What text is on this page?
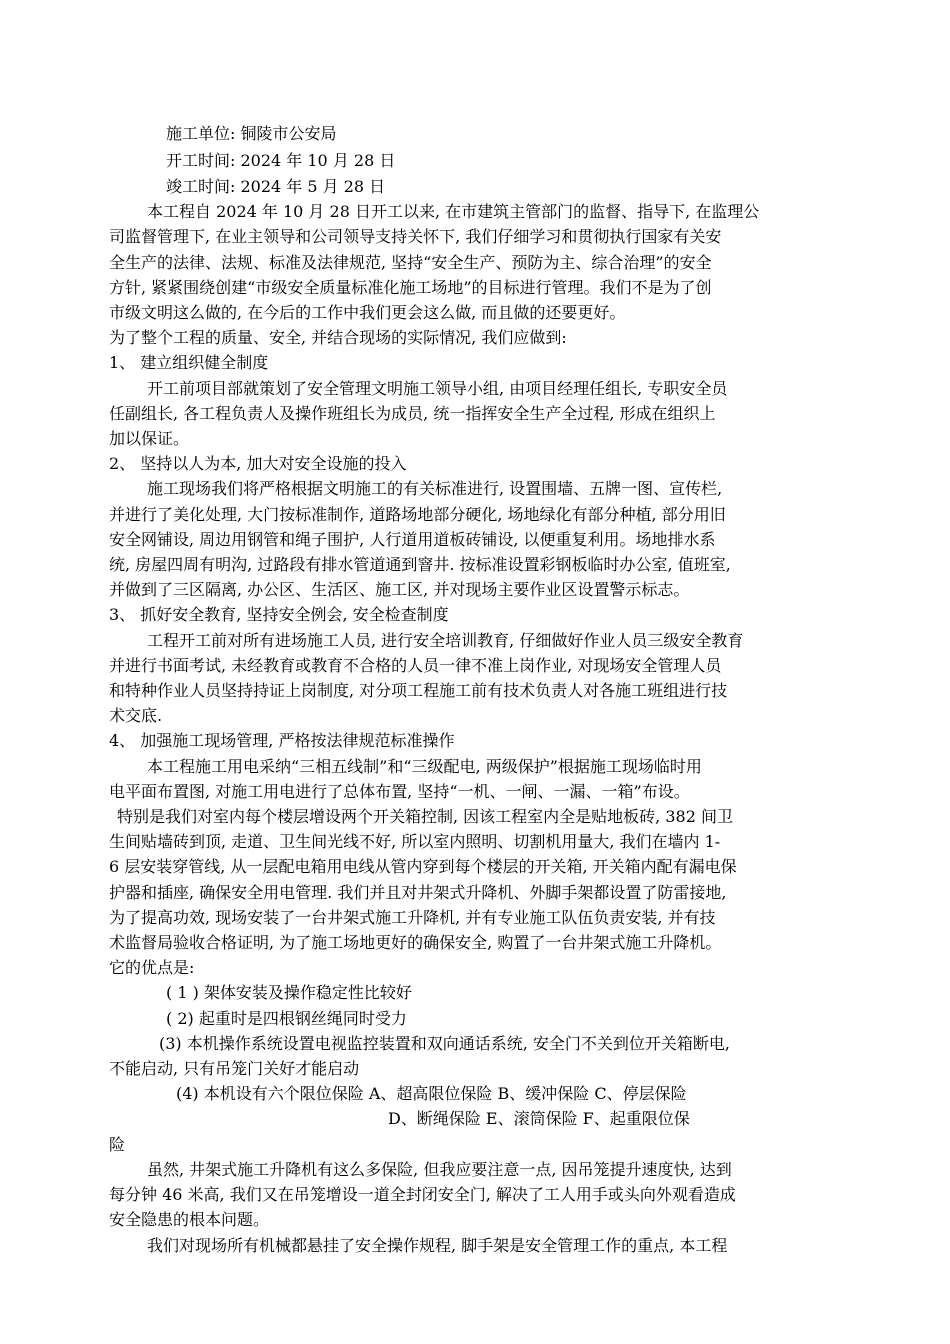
施工单位: 铜陵市公安局
开工时间: 2024 年 10 月 28 日
竣工时间: 2024 年 5 月 28 日
本工程自 2024 年 10 月 28 日开工以来, 在市建筑主管部门的监督、指导下, 在监理公
司监督管理下, 在业主领导和公司领导支持关怀下, 我们仔细学习和贯彻执行国家有关安
全生产的法律、法规、标准及法律规范, 坚持“安全生产、预防为主、综合治理”的安全
方针, 紧紧围绕创建“市级安全质量标准化施工场地”的目标进行管理。我们不是为了创
市级文明这么做的, 在今后的工作中我们更会这么做, 而且做的还要更好。
为了整个工程的质量、安全, 并结合现场的实际情况, 我们应做到:
1、 建立组织健全制度
开工前项目部就策划了安全管理文明施工领导小组, 由项目经理任组长, 专职安全员
任副组长, 各工程负责人及操作班组长为成员, 统一指挥安全生产全过程, 形成在组织上
加以保证。
2、 坚持以人为本, 加大对安全设施的投入
施工现场我们将严格根据文明施工的有关标准进行, 设置围墙、五牌一图、宣传栏,
并进行了美化处理, 大门按标准制作, 道路场地部分硬化, 场地绿化有部分种植, 部分用旧
安全网铺设, 周边用钢管和绳子围护, 人行道用道板砖铺设, 以便重复利用。场地排水系
统, 房屋四周有明沟, 过路段有排水管道通到窨井. 按标准设置彩钢板临时办公室, 值班室,
并做到了三区隔离, 办公区、生活区、施工区, 并对现场主要作业区设置警示标志。
3、 抓好安全教育, 坚持安全例会, 安全检查制度
工程开工前对所有进场施工人员, 进行安全培训教育, 仔细做好作业人员三级安全教育
并进行书面考试, 未经教育或教育不合格的人员一律不准上岗作业, 对现场安全管理人员
和特种作业人员坚持持证上岗制度, 对分项工程施工前有技术负责人对各施工班组进行技
术交底.
4、 加强施工现场管理, 严格按法律规范标准操作
本工程施工用电采纳“三相五线制”和“三级配电, 两级保护”根据施工现场临时用
电平面布置图, 对施工用电进行了总体布置, 坚持“一机、一闸、一漏、一箱”布设。
特别是我们对室内每个楼层增设两个开关箱控制, 因该工程室内全是贴地板砖, 382 间卫
生间贴墙砖到顶, 走道、卫生间光线不好, 所以室内照明、切割机用量大, 我们在墙内 1-
6 层安装穿管线, 从一层配电箱用电线从管内穿到每个楼层的开关箱, 开关箱内配有漏电保
护器和插座, 确保安全用电管理. 我们并且对井架式升降机、外脚手架都设置了防雷接地,
为了提高功效, 现场安装了一台井架式施工升降机, 并有专业施工队伍负责安装, 并有技
术监督局验收合格证明, 为了施工场地更好的确保安全, 购置了一台井架式施工升降机。
它的优点是:
( 1 ) 架体安装及操作稳定性比较好
( 2) 起重时是四根钢丝绳同时受力
(3) 本机操作系统设置电视监控装置和双向通话系统, 安全门不关到位开关箱断电,
不能启动, 只有吊笼门关好才能启动
(4) 本机设有六个限位保险 A、超高限位保险 B、缓冲保险 C、停层保险
D、断绳保险 E、滚筒保险 F、起重限位保
险
虽然, 井架式施工升降机有这么多保险, 但我应要注意一点, 因吊笼提升速度快, 达到
每分钟 46 米高, 我们又在吊笼增设一道全封闭安全门, 解决了工人用手或头向外观看造成
安全隐患的根本问题。
我们对现场所有机械都悬挂了安全操作规程, 脚手架是安全管理工作的重点, 本工程
